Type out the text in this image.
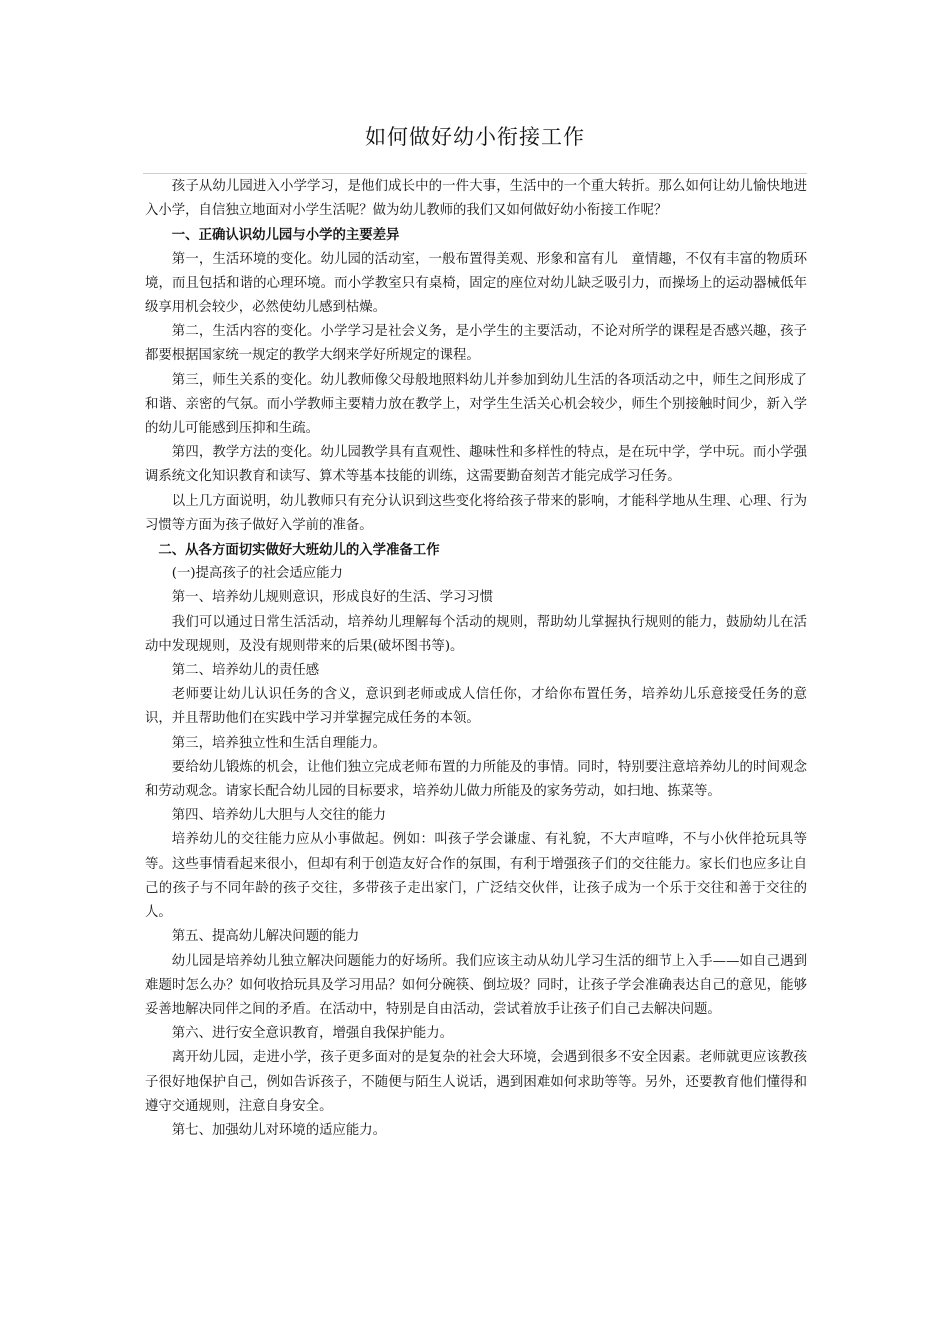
如何做好幼小衔接工作

孩子从幼儿园进入小学学习，是他们成长中的一件大事，生活中的一个重大转折。那么如何让幼儿愉快地进入小学，自信独立地面对小学生活呢？做为幼儿教师的我们又如何做好幼小衔接工作呢？

一、正确认识幼儿园与小学的主要差异

第一，生活环境的变化。幼儿园的活动室，一般布置得美观、形象和富有儿　童情趣，不仅有丰富的物质环境，而且包括和谐的心理环境。而小学教室只有桌椅，固定的座位对幼儿缺乏吸引力，而操场上的运动器械低年级享用机会较少，必然使幼儿感到枯燥。

第二，生活内容的变化。小学学习是社会义务，是小学生的主要活动，不论对所学的课程是否感兴趣，孩子都要根据国家统一规定的教学大纲来学好所规定的课程。

第三，师生关系的变化。幼儿教师像父母般地照料幼儿并参加到幼儿生活的各项活动之中，师生之间形成了和谐、亲密的气氛。而小学教师主要精力放在教学上，对学生生活关心机会较少，师生个别接触时间少，新入学的幼儿可能感到压抑和生疏。

第四，教学方法的变化。幼儿园教学具有直观性、趣味性和多样性的特点，是在玩中学，学中玩。而小学强调系统文化知识教育和读写、算术等基本技能的训练，这需要勤奋刻苦才能完成学习任务。

以上几方面说明，幼儿教师只有充分认识到这些变化将给孩子带来的影响，才能科学地从生理、心理、行为习惯等方面为孩子做好入学前的准备。

二、从各方面切实做好大班幼儿的入学准备工作

(一)提高孩子的社会适应能力

第一、培养幼儿规则意识，形成良好的生活、学习习惯

我们可以通过日常生活活动，培养幼儿理解每个活动的规则，帮助幼儿掌握执行规则的能力，鼓励幼儿在活动中发现规则，及没有规则带来的后果(破坏图书等)。

第二、培养幼儿的责任感

老师要让幼儿认识任务的含义，意识到老师或成人信任你，才给你布置任务，培养幼儿乐意接受任务的意识，并且帮助他们在实践中学习并掌握完成任务的本领。

第三，培养独立性和生活自理能力。

要给幼儿锻炼的机会，让他们独立完成老师布置的力所能及的事情。同时，特别要注意培养幼儿的时间观念和劳动观念。请家长配合幼儿园的目标要求，培养幼儿做力所能及的家务劳动，如扫地、拣菜等。

第四、培养幼儿大胆与人交往的能力

培养幼儿的交往能力应从小事做起。例如：叫孩子学会谦虚、有礼貌，不大声喧哗，不与小伙伴抢玩具等等。这些事情看起来很小，但却有利于创造友好合作的氛围，有利于增强孩子们的交往能力。家长们也应多让自己的孩子与不同年龄的孩子交往，多带孩子走出家门，广泛结交伙伴，让孩子成为一个乐于交往和善于交往的人。

第五、提高幼儿解决问题的能力

幼儿园是培养幼儿独立解决问题能力的好场所。我们应该主动从幼儿学习生活的细节上入手——如自己遇到难题时怎么办？如何收拾玩具及学习用品？如何分碗筷、倒垃圾？同时，让孩子学会准确表达自己的意见，能够妥善地解决同伴之间的矛盾。在活动中，特别是自由活动，尝试着放手让孩子们自己去解决问题。

第六、进行安全意识教育，增强自我保护能力。

离开幼儿园，走进小学，孩子更多面对的是复杂的社会大环境，会遇到很多不安全因素。老师就更应该教孩子很好地保护自己，例如告诉孩子，不随便与陌生人说话，遇到困难如何求助等等。另外，还要教育他们懂得和遵守交通规则，注意自身安全。

第七、加强幼儿对环境的适应能力。
